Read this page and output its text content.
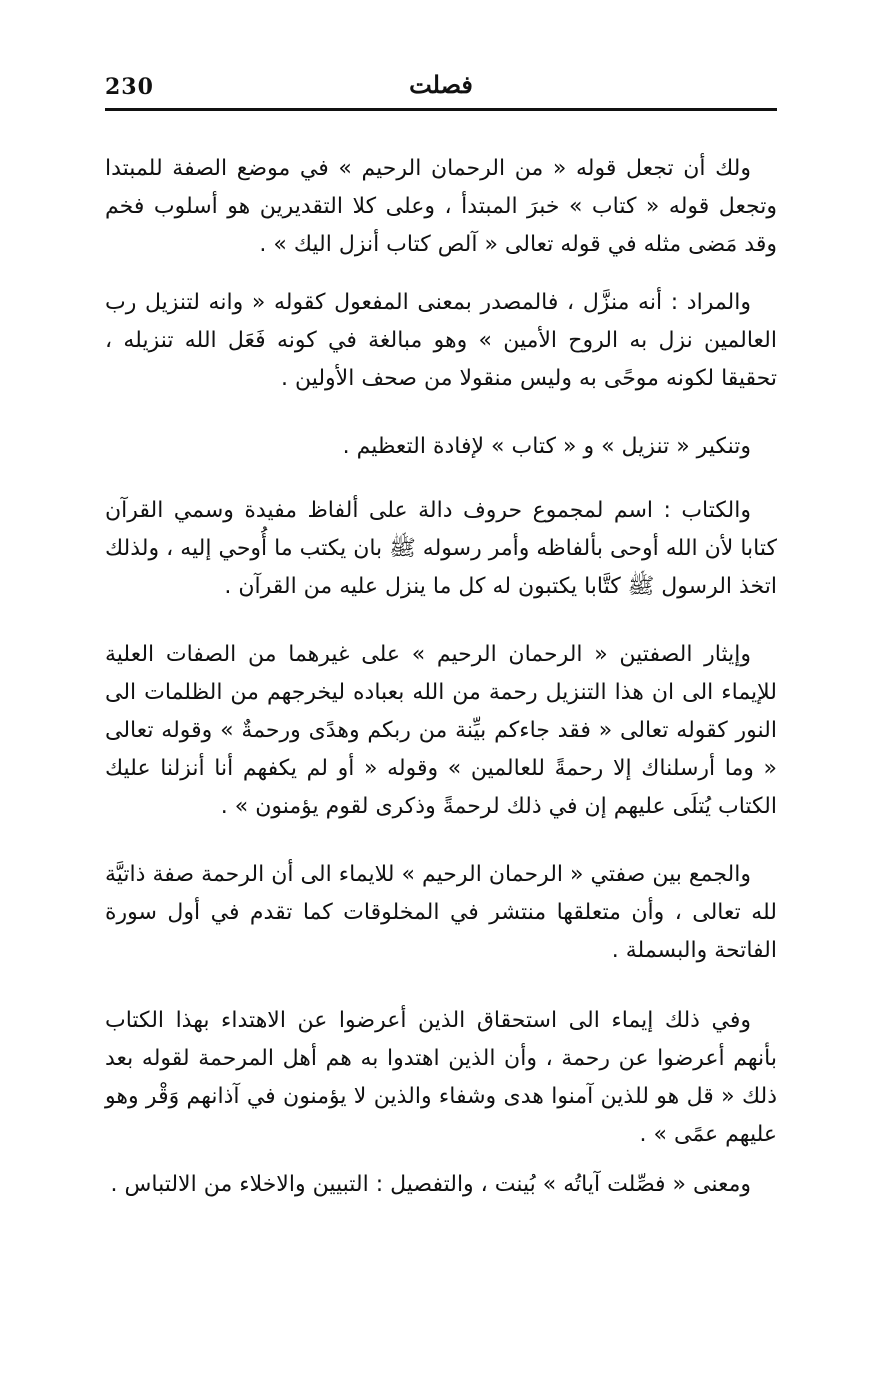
230	فصلت

ولك أن تجعل قوله « من الرحمان الرحيم » في موضع الصفة للمبتدا وتجعل قوله « كتاب » خبرَ المبتدأ ، وعلى كلا التقديرين هو أسلوب فخم وقد مَضى مثله في قوله تعالى « آلص كتاب أنزل اليك » .

والمراد : أنه منزَّل ، فالمصدر بمعنى المفعول كقوله « وانه لتنزيل رب العالمين نزل به الروح الأمين » وهو مبالغة في كونه فَعَل الله تنزيله ، تحقيقا لكونه موحًى به وليس منقولا من صحف الأولين .

وتنكير « تنزيل » و « كتاب » لإفادة التعظيم .

والكتاب : اسم لمجموع حروف دالة على ألفاظ مفيدة وسمي القرآن كتابا لأن الله أوحى بألفاظه وأمر رسوله ﷺ بان يكتب ما أُوحي إليه ، ولذلك اتخذ الرسول ﷺ كتَّابا يكتبون له كل ما ينزل عليه من القرآن .

وإيثار الصفتين « الرحمان الرحيم » على غيرهما من الصفات العلية للإيماء الى ان هذا التنزيل رحمة من الله بعباده ليخرجهم من الظلمات الى النور كقوله تعالى « فقد جاءكم بيِّنة من ربكم وهدًى ورحمةٌ » وقوله تعالى « وما أرسلناك إلا رحمةً للعالمين » وقوله « أو لم يكفهم أنا أنزلنا عليك الكتاب يُتلَى عليهم إن في ذلك لرحمةً وذكرى لقوم يؤمنون » .

والجمع بين صفتي « الرحمان الرحيم » للايماء الى أن الرحمة صفة ذاتيَّة لله تعالى ، وأن متعلقها منتشر في المخلوقات كما تقدم في أول سورة الفاتحة والبسملة .

وفي ذلك إيماء الى استحقاق الذين أعرضوا عن الاهتداء بهذا الكتاب بأنهم أعرضوا عن رحمة ، وأن الذين اهتدوا به هم أهل المرحمة لقوله بعد ذلك « قل هو للذين آمنوا هدى وشفاء والذين لا يؤمنون في آذانهم وَقْر وهو عليهم عمًى » .

ومعنى « فصِّلت آياتُه » بُينت ، والتفصيل : التبيين والاخلاء من الالتباس .
